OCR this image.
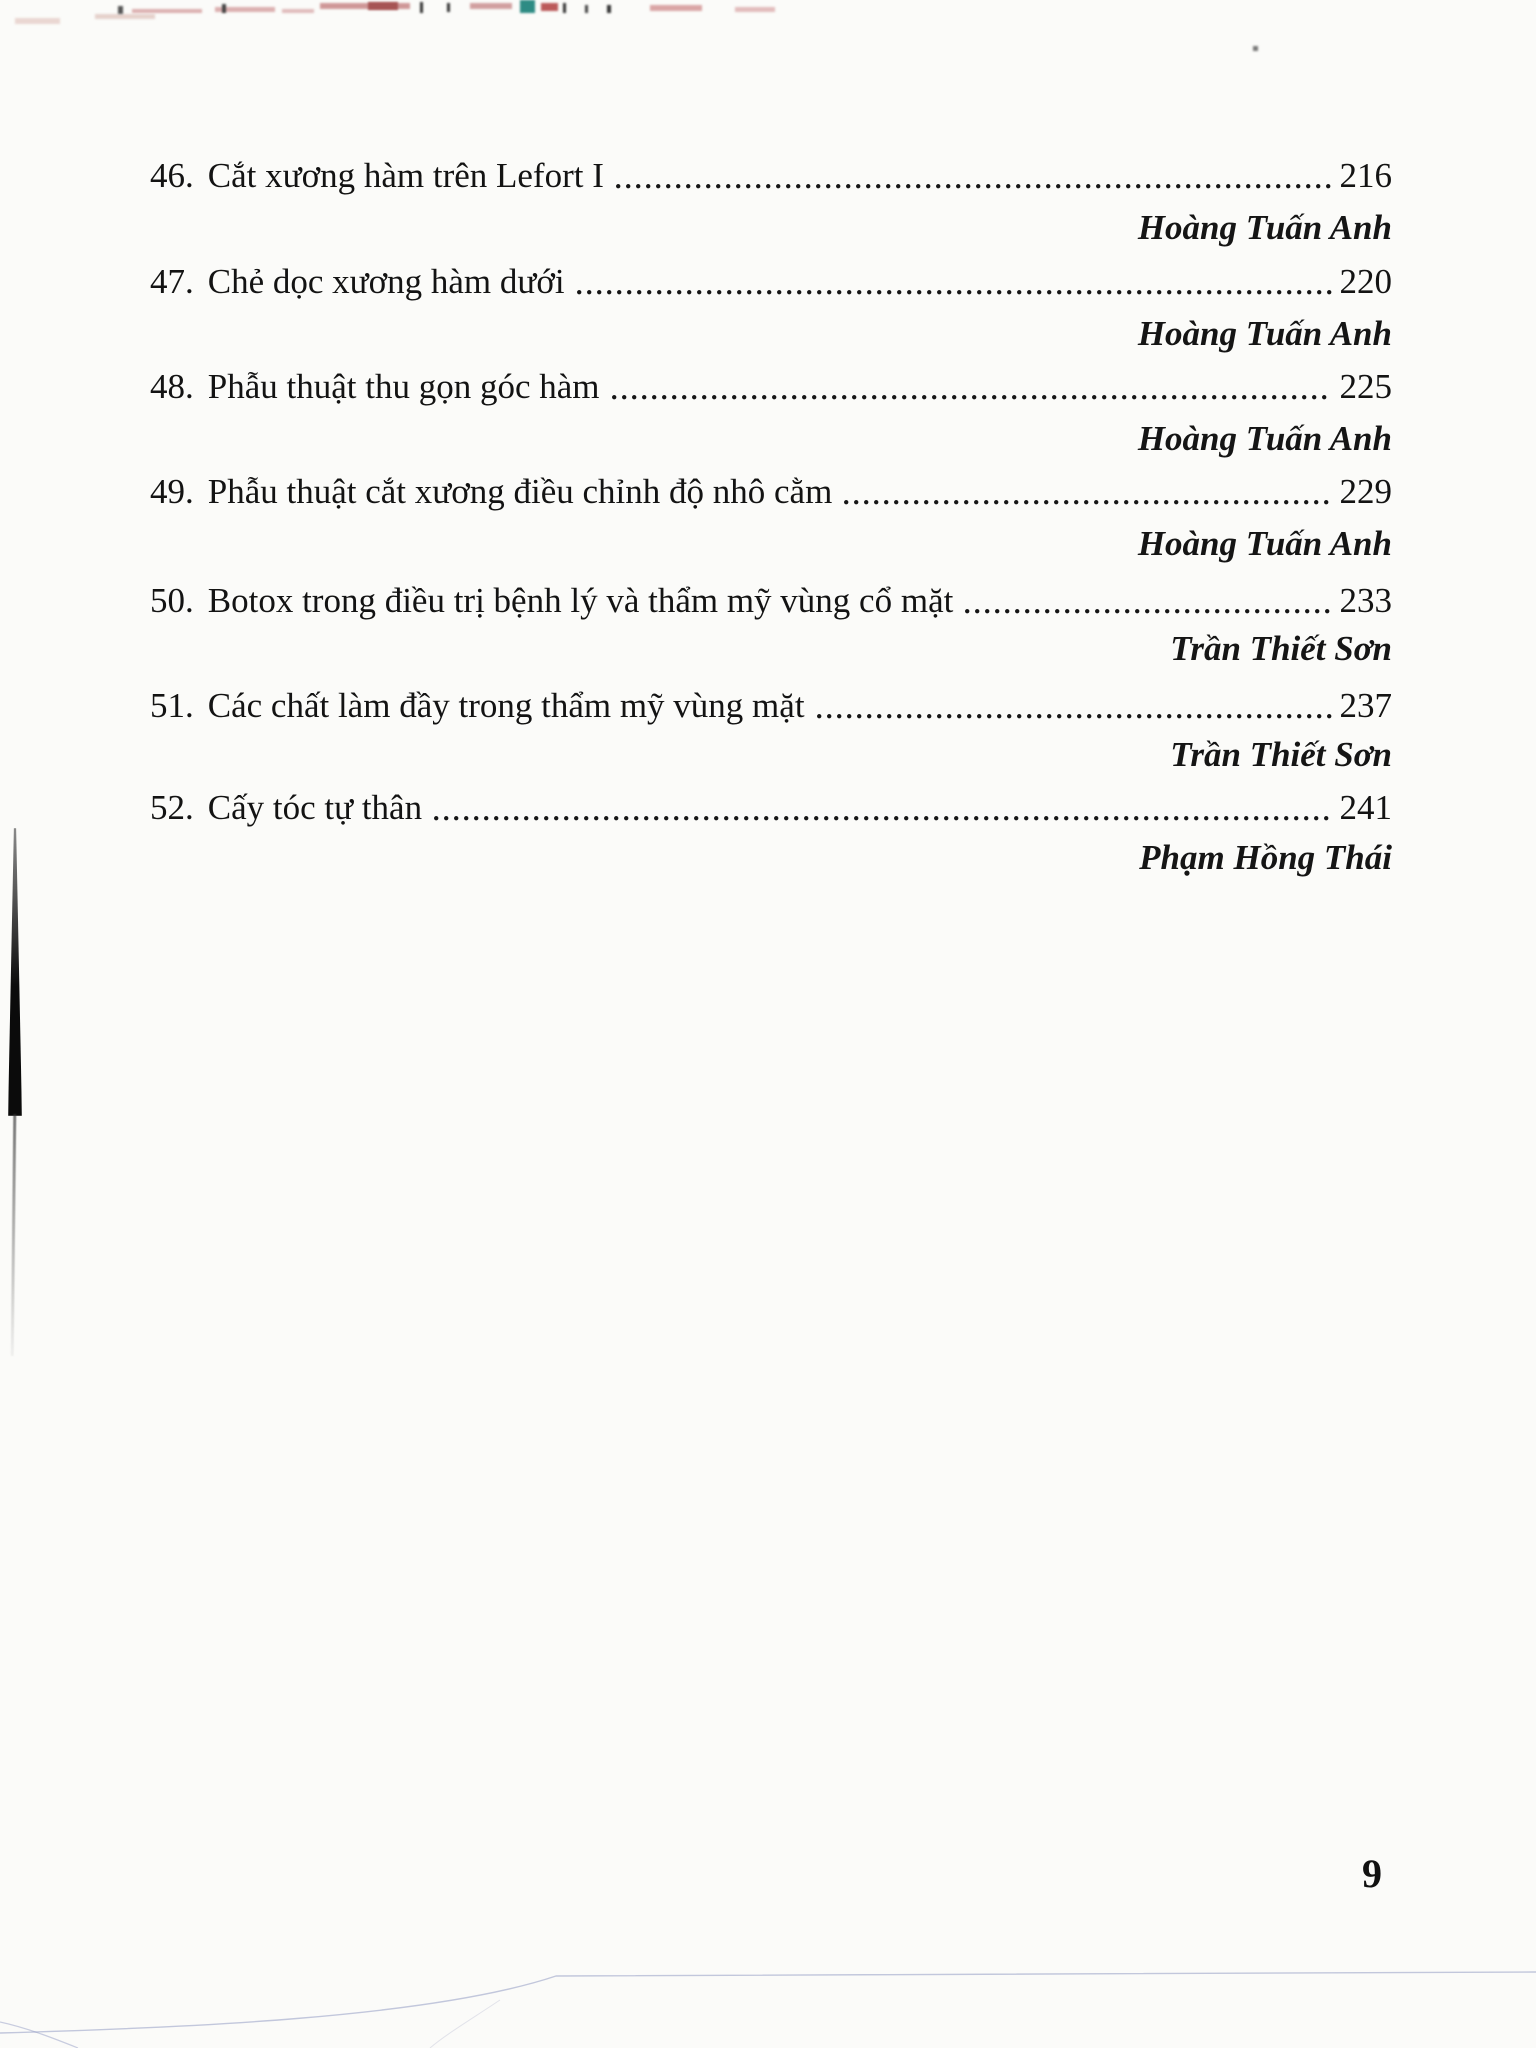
46. Cắt xương hàm trên Lefort I	216
Hoàng Tuấn Anh
47. Chẻ dọc xương hàm dưới	220
Hoàng Tuấn Anh
48. Phẫu thuật thu gọn góc hàm	225
Hoàng Tuấn Anh
49. Phẫu thuật cắt xương điều chỉnh độ nhô cằm	229
Hoàng Tuấn Anh
50. Botox trong điều trị bệnh lý và thẩm mỹ vùng cổ mặt	233
Trần Thiết Sơn
51. Các chất làm đầy trong thẩm mỹ vùng mặt	237
Trần Thiết Sơn
52. Cấy tóc tự thân	241
Phạm Hồng Thái
9
